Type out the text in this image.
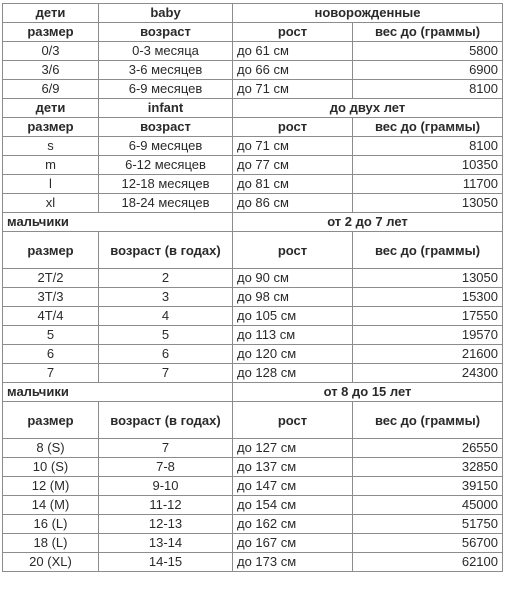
дети	baby	новорожденные	
размер	возраст	рост	вес до (граммы)
0/3	0-3 месяца	до 61 см	5800
3/6	3-6 месяцев	до 66 см	6900
6/9	6-9 месяцев	до 71 см	8100
дети	infant	до двух лет	
размер	возраст	рост	вес до (граммы)
s	6-9 месяцев	до 71 см	8100
m	6-12 месяцев	до 77 см	10350
l	12-18 месяцев	до 81 см	11700
xl	18-24 месяцев	до 86 см	13050
мальчики		от 2 до 7 лет	
размер	возраст (в годах)	рост	вес до (граммы)
2T/2	2	до 90 см	13050
3T/3	3	до 98 см	15300
4T/4	4	до 105 см	17550
5	5	до 113 см	19570
6	6	до 120 см	21600
7	7	до 128 см	24300
мальчики		от 8 до 15 лет	
размер	возраст (в годах)	рост	вес до (граммы)
8 (S)	7	до 127 см	26550
10 (S)	7-8	до 137 см	32850
12 (M)	9-10	до 147 см	39150
14 (M)	11-12	до 154 см	45000
16 (L)	12-13	до 162 см	51750
18 (L)	13-14	до 167 см	56700
20 (XL)	14-15	до 173 см	62100
